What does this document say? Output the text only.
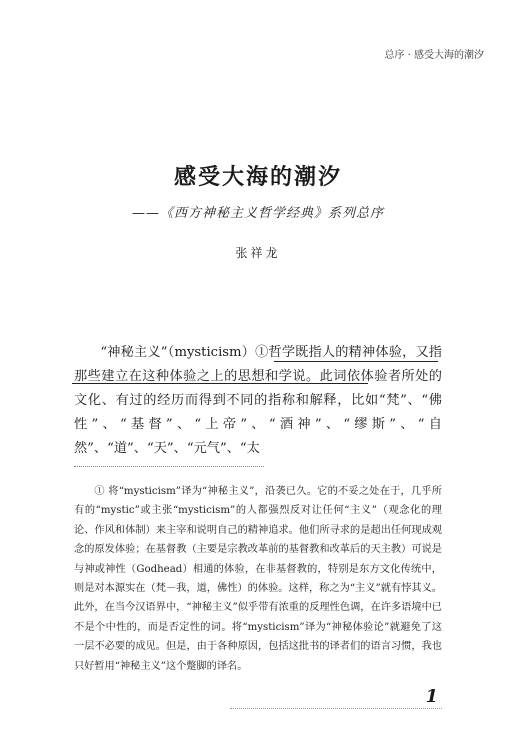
总序 · 感受大海的潮汐
感受大海的潮汐
——《西方神秘主义哲学经典》系列总序
张祥龙

“神秘主义”（mysticism）①哲学既指人的精神体验，又指那些建立在这种体验之上的思想和学说。此词依体验者所处的文化、有过的经历而得到不同的指称和解释，比如“梵”、“佛性”、“基督”、“上帝”、“酒神”、“缪斯”、“自然”、“道”、“天”、“元气”、“太

① 将“mysticism”译为“神秘主义”，沿袭已久。它的不妥之处在于，几乎所有的“mystic”或主张“mysticism”的人都强烈反对让任何“主义”（观念化的理论、作风和体制）来主宰和说明自己的精神追求。他们所寻求的是超出任何现成观念的原发体验；在基督教（主要是宗教改革前的基督教和改革后的天主教）可说是与神或神性（Godhead）相通的体验，在非基督教的，特别是东方文化传统中，则是对本源实在（梵－我，道，佛性）的体验。这样，称之为“主义”就有悖其义。此外，在当今汉语界中，“神秘主义”似乎带有浓重的反理性色调，在许多语境中已不是个中性的，而是否定性的词。将“mysticism”译为“神秘体验论”就避免了这一层不必要的成见。但是，由于各种原因，包括这批书的译者们的语言习惯，我也只好暂用“神秘主义”这个蹩脚的译名。

1
